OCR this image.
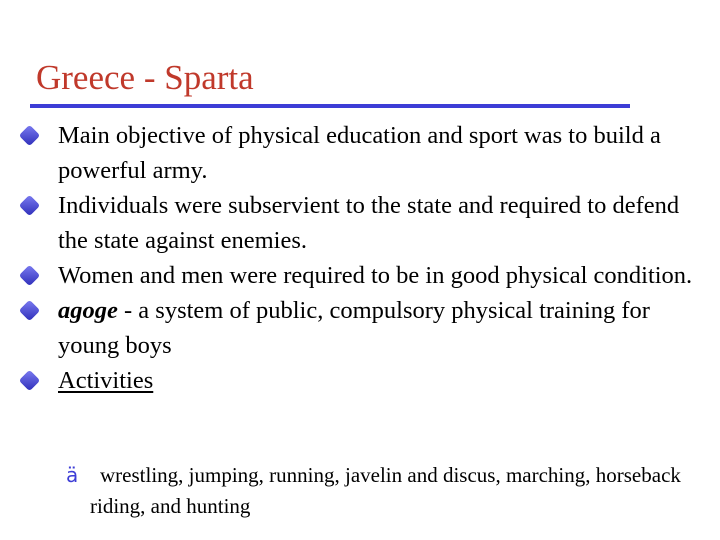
Greece - Sparta
Main objective of physical education and sport was to build a powerful army.
Individuals were subservient to the state and required to defend the state against enemies.
Women and men were required to be in good physical condition.
agoge - a system of public, compulsory physical training for young boys
Activities
ä wrestling, jumping, running, javelin and discus, marching, horseback riding, and hunting
